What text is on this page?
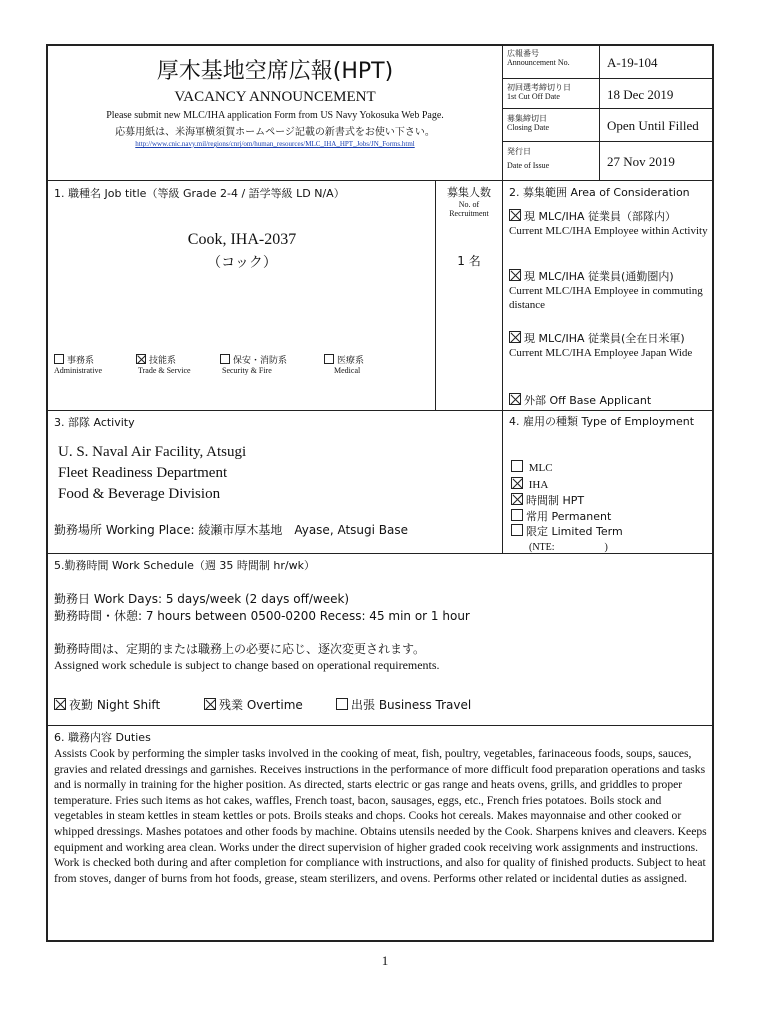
厚木基地空席広報(HPT)
VACANCY ANNOUNCEMENT
Please submit new MLC/IHA application Form from US Navy Yokosuka Web Page.
応募用紙は、米海軍横須賀ホームページ記載の新書式をお使い下さい。
http://www.cnic.navy.mil/regions/cnrj/om/human_resources/MLC_IHA_HPT_Jobs/JN_Forms.html
広報番号
Announcement No.	A-19-104
初回選考締切り日
1st Cut Off Date	18 Dec 2019
募集締切日
Closing Date	Open Until Filled
発行日
Date of Issue	27 Nov 2019
1. 職種名 Job title（等級 Grade 2-4 / 語学等級 LD N/A）
Cook, IHA-2037
（コック）
事務系
Administrative
技能系
Trade & Service
保安・消防系
Security & Fire
医療系
Medical
募集人数
No. of
Recruitment
1 名
2. 募集範囲 Area of Consideration
現 MLC/IHA 従業員（部隊内）
Current MLC/IHA Employee within Activity
現 MLC/IHA 従業員(通勤圏内)
Current MLC/IHA Employee in commuting distance
現 MLC/IHA 従業員(全在日米軍)
Current MLC/IHA Employee Japan Wide
外部 Off Base Applicant
3. 部隊 Activity
U. S. Naval Air Facility, Atsugi
Fleet Readiness Department
Food & Beverage Division
勤務場所 Working Place: 綾瀬市厚木基地　Ayase, Atsugi Base
4. 雇用の種類 Type of Employment
MLC
IHA
時間制 HPT
常用 Permanent
限定 Limited Term
(NTE:                    )
5.勤務時間 Work Schedule（週 35 時間制 hr/wk）
勤務日 Work Days: 5 days/week (2 days off/week)
勤務時間・休憩: 7 hours between 0500-0200 Recess: 45 min or 1 hour
勤務時間は、定期的または職務上の必要に応じ、逐次変更されます。
Assigned work schedule is subject to change based on operational requirements.
夜勤 Night Shift	残業 Overtime	出張 Business Travel
6. 職務内容 Duties
Assists Cook by performing the simpler tasks involved in the cooking of meat, fish, poultry, vegetables, farinaceous foods, soups, sauces, gravies and related dressings and garnishes. Receives instructions in the performance of more difficult food preparation operations and tasks and is normally in training for the higher position. As directed, starts electric or gas range and heats ovens, grills, and griddles to proper temperature. Fries such items as hot cakes, waffles, French toast, bacon, sausages, eggs, etc., French fries potatoes. Boils stock and vegetables in steam kettles in steam kettles or pots. Broils steaks and chops. Cooks hot cereals. Makes mayonnaise and other cooked or whipped dressings. Mashes potatoes and other foods by machine. Obtains utensils needed by the Cook. Sharpens knives and cleavers. Keeps equipment and working area clean. Works under the direct supervision of higher graded cook receiving work assignments and instructions. Work is checked both during and after completion for compliance with instructions, and also for quality of finished products. Subject to heat from stoves, danger of burns from hot foods, grease, steam sterilizers, and ovens. Performs other related or incidental duties as assigned.
1
